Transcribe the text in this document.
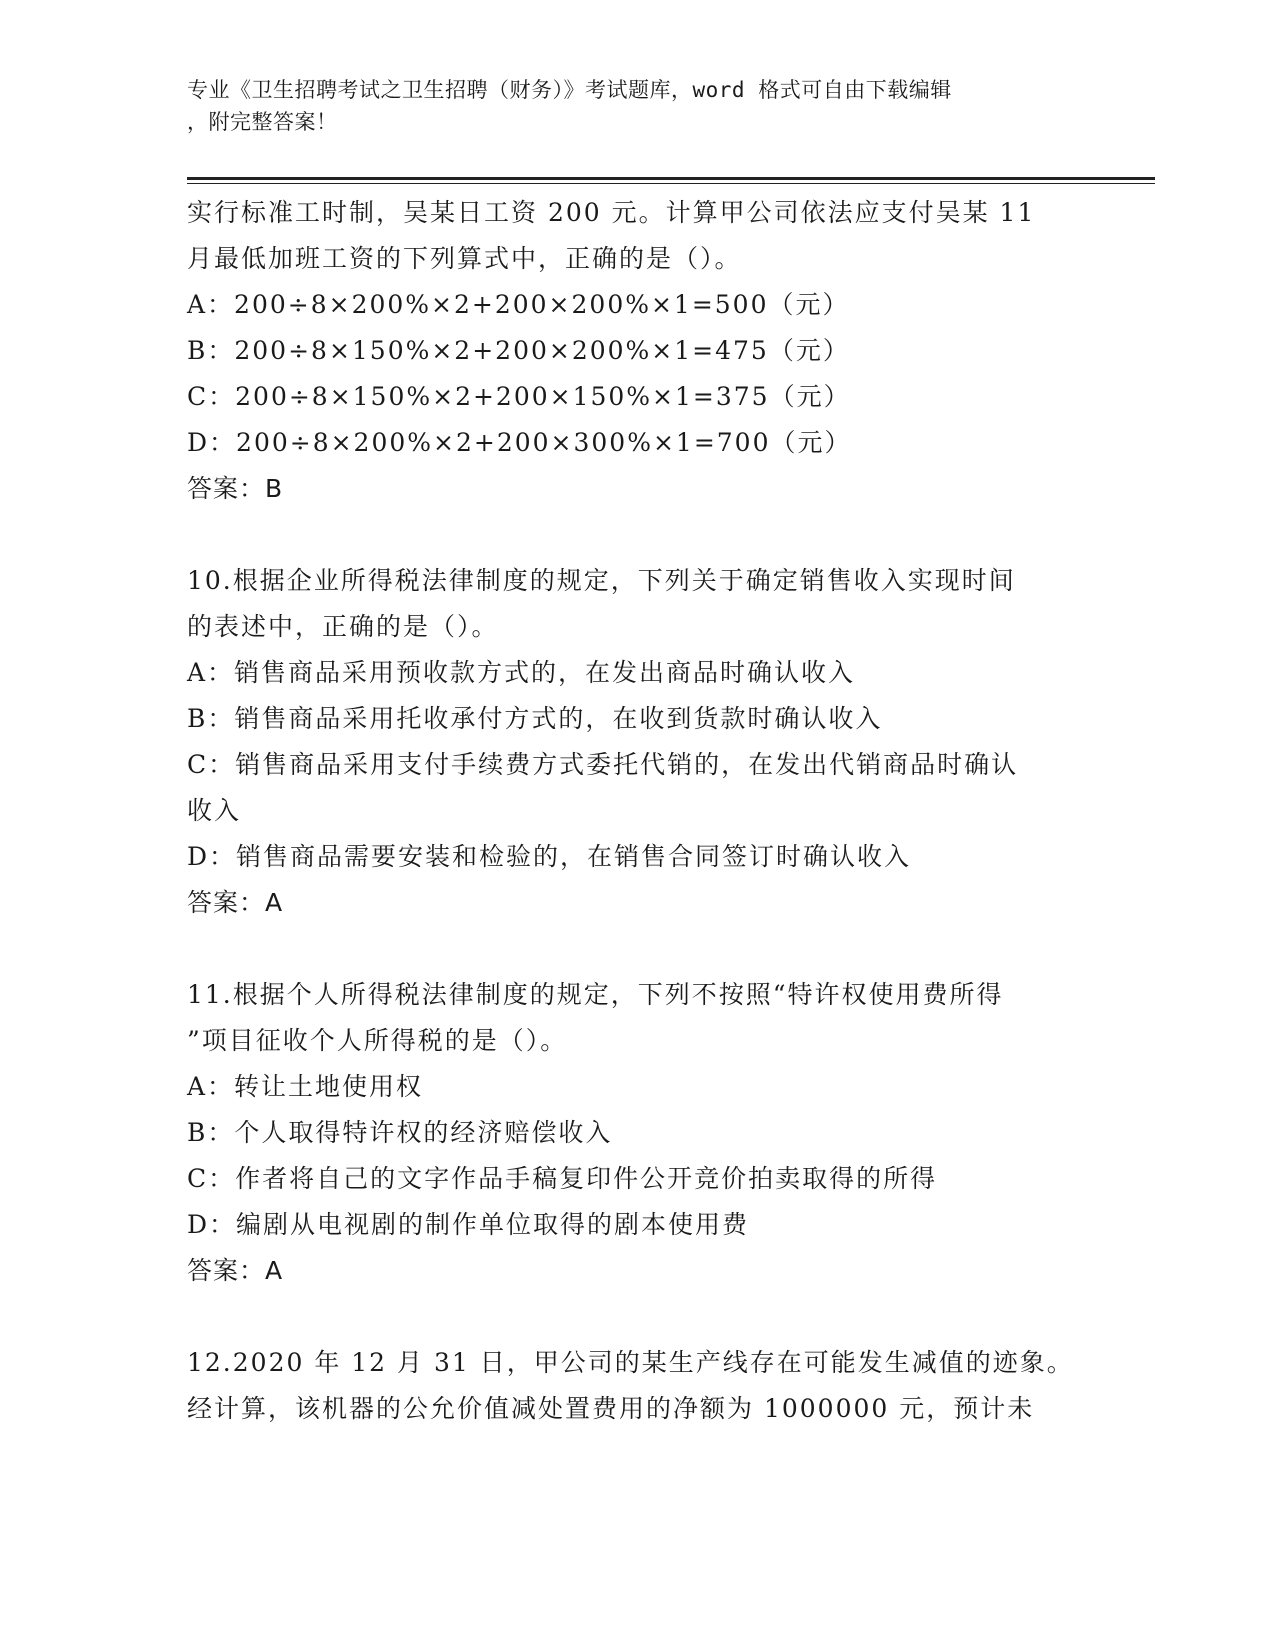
专业《卫生招聘考试之卫生招聘（财务）》考试题库，word 格式可自由下载编辑
，附完整答案！
实行标准工时制，吴某日工资 200 元。计算甲公司依法应支付吴某 11
月最低加班工资的下列算式中，正确的是（）。
A：200÷8×200%×2+200×200%×1=500（元）
B：200÷8×150%×2+200×200%×1=475（元）
C：200÷8×150%×2+200×150%×1=375（元）
D：200÷8×200%×2+200×300%×1=700（元）
答案：B
10.根据企业所得税法律制度的规定，下列关于确定销售收入实现时间
的表述中，正确的是（）。
A：销售商品采用预收款方式的，在发出商品时确认收入
B：销售商品采用托收承付方式的，在收到货款时确认收入
C：销售商品采用支付手续费方式委托代销的，在发出代销商品时确认
收入
D：销售商品需要安装和检验的，在销售合同签订时确认收入
答案：A
11.根据个人所得税法律制度的规定，下列不按照“特许权使用费所得
”项目征收个人所得税的是（）。
A：转让土地使用权
B：个人取得特许权的经济赔偿收入
C：作者将自己的文字作品手稿复印件公开竞价拍卖取得的所得
D：编剧从电视剧的制作单位取得的剧本使用费
答案：A
12.2020 年 12 月 31 日，甲公司的某生产线存在可能发生减值的迹象。
经计算，该机器的公允价值减处置费用的净额为 1000000 元，预计未
